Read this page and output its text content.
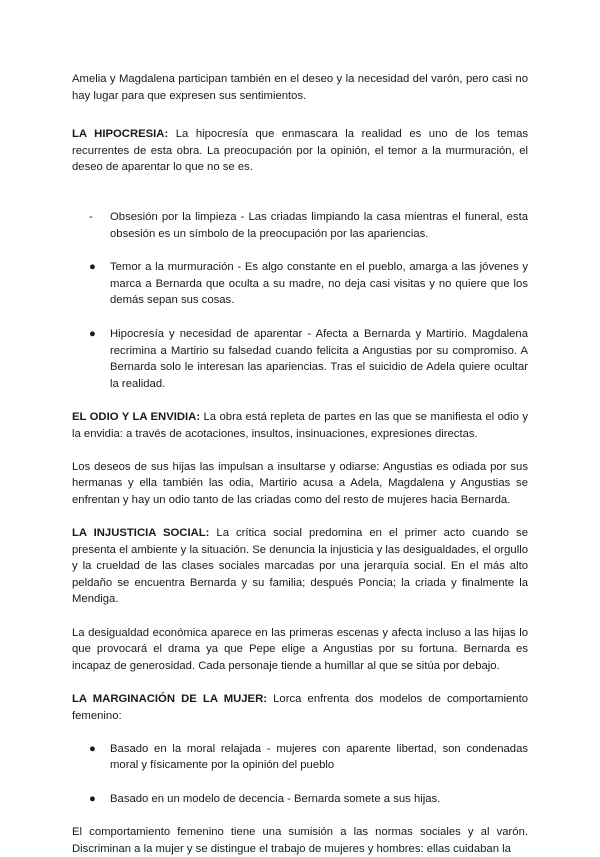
Amelia y Magdalena participan también en el deseo y la necesidad del varón, pero casi no hay lugar para que expresen sus sentimientos.

LA HIPOCRESIA: La hipocresía que enmascara la realidad es uno de los temas recurrentes de esta obra. La preocupación por la opinión, el temor a la murmuración, el deseo de aparentar lo que no se es.

-	Obsesión por la limpieza - Las criadas limpiando la casa mientras el funeral, esta obsesión es un símbolo de la preocupación por las apariencias.
●	Temor a la murmuración - Es algo constante en el pueblo, amarga a las jóvenes y marca a Bernarda que oculta a su madre, no deja casi visitas y no quiere que los demás sepan sus cosas.
●	Hipocresía y necesidad de aparentar - Afecta a Bernarda y Martirio. Magdalena recrimina a Martirio su falsedad cuando felicita a Angustias por su compromiso. A Bernarda solo le interesan las apariencias. Tras el suicidio de Adela quiere ocultar la realidad.

EL ODIO Y LA ENVIDIA: La obra está repleta de partes en las que se manifiesta el odio y la envidia: a través de acotaciones, insultos, insinuaciones, expresiones directas.

Los deseos de sus hijas las impulsan a insultarse y odiarse: Angustias es odiada por sus hermanas y ella también las odia, Martirio acusa a Adela, Magdalena y Angustias se enfrentan y hay un odio tanto de las criadas como del resto de mujeres hacia Bernarda.

LA INJUSTICIA SOCIAL: La crítica social predomina en el primer acto cuando se presenta el ambiente y la situación. Se denuncia la injusticia y las desigualdades, el orgullo y la crueldad de las clases sociales marcadas por una jerarquía social. En el más alto peldaño se encuentra Bernarda y su familia; después Poncia; la criada y finalmente la Mendiga.

La desigualdad económica aparece en las primeras escenas y afecta incluso a las hijas lo que provocará el drama ya que Pepe elige a Angustias por su fortuna. Bernarda es incapaz de generosidad. Cada personaje tiende a humillar al que se sitúa por debajo.

LA MARGINACIÓN DE LA MUJER: Lorca enfrenta dos modelos de comportamiento femenino:

●	Basado en la moral relajada - mujeres con aparente libertad, son condenadas moral y físicamente por la opinión del pueblo
●	Basado en un modelo de decencia - Bernarda somete a sus hijas.

El comportamiento femenino tiene una sumisión a las normas sociales y al varón. Discriminan a la mujer y se distingue el trabajo de mujeres y hombres: ellas cuidaban la
